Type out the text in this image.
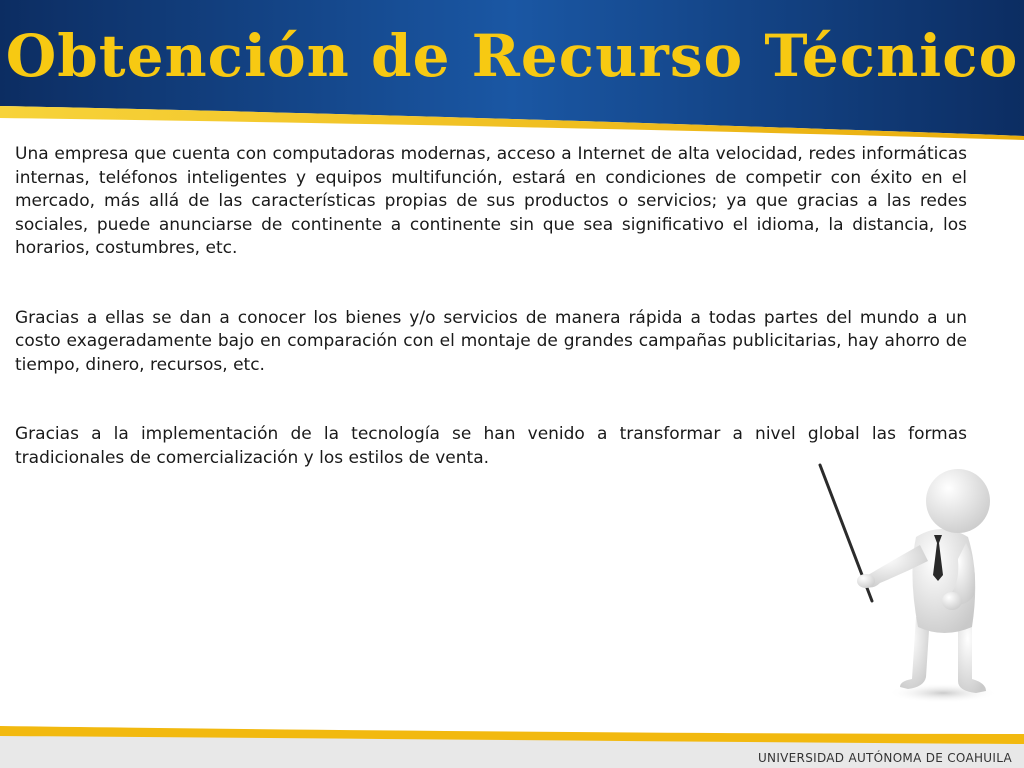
Obtención de Recurso Técnico

Una empresa que cuenta con computadoras modernas, acceso a Internet de alta velocidad, redes informáticas internas, teléfonos inteligentes y equipos multifunción, estará en condiciones de competir con éxito en el mercado, más allá de las características propias de sus productos o servicios; ya que gracias a las redes sociales, puede anunciarse de continente a continente sin que sea significativo el idioma, la distancia, los horarios, costumbres, etc.

Gracias a ellas se dan a conocer los bienes y/o servicios de manera rápida a todas partes del mundo a un costo exageradamente bajo en comparación con el montaje de grandes campañas publicitarias, hay ahorro de tiempo, dinero, recursos, etc.

Gracias a la implementación de la tecnología se han venido a transformar a nivel global las formas tradicionales de comercialización y los estilos de venta.

UNIVERSIDAD AUTÓNOMA DE COAHUILA
